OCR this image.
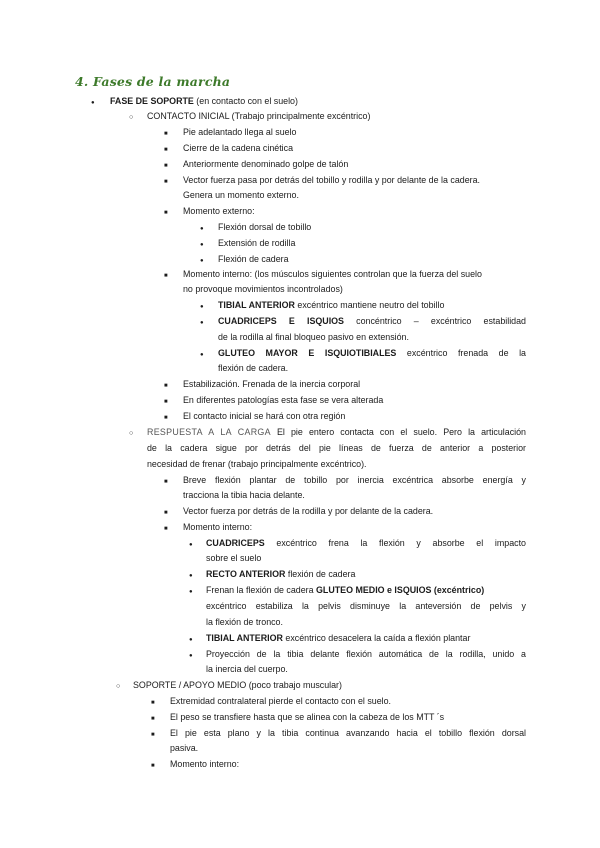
4. Fases de la marcha
●
FASE DE SOPORTE (en contacto con el suelo)
○
CONTACTO INICIAL (Trabajo principalmente excéntrico)
■
Pie adelantado llega al suelo
■
Cierre de la cadena cinética
■
Anteriormente denominado golpe de talón
■
Vector fuerza pasa por detrás del tobillo y rodilla y por delante de la cadera.
Genera un momento externo.
■
Momento externo:
●
Flexión dorsal de tobillo
●
Extensión de rodilla
●
Flexión de cadera
■
Momento interno: (los músculos siguientes controlan que la fuerza del suelo
no provoque movimientos incontrolados)
●
TIBIAL ANTERIOR excéntrico mantiene neutro del tobillo
●
CUADRICEPS E ISQUIOS concéntrico – excéntrico estabilidad
de la rodilla al final bloqueo pasivo en extensión.
●
GLUTEO MAYOR E ISQUIOTIBIALES excéntrico frenada de la
flexión de cadera.
■
Estabilización. Frenada de la inercia corporal
■
En diferentes patologías esta fase se vera alterada
■
El contacto inicial se hará con otra región
○
RESPUESTA A LA CARGA El pie entero contacta con el suelo. Pero la articulación
de la cadera sigue por detrás del pie líneas de fuerza de anterior a posterior
necesidad de frenar (trabajo principalmente excéntrico).
■
Breve flexión plantar de tobillo por inercia excéntrica absorbe energía y
tracciona la tibia hacia delante.
■
Vector fuerza por detrás de la rodilla y por delante de la cadera.
■
Momento interno:
●
CUADRICEPS excéntrico frena la flexión y absorbe el impacto
sobre el suelo
●
RECTO ANTERIOR flexión de cadera
●
Frenan la flexión de cadera GLUTEO MEDIO e ISQUIOS (excéntrico)
excéntrico estabiliza la pelvis disminuye la anteversión de pelvis y
la flexión de tronco.
●
TIBIAL ANTERIOR excéntrico desacelera la caída a flexión plantar
●
Proyección de la tibia delante flexión automática de la rodilla, unido a
la inercia del cuerpo.
○
SOPORTE / APOYO MEDIO (poco trabajo muscular)
■
Extremidad contralateral pierde el contacto con el suelo.
■
El peso se transfiere hasta que se alinea con la cabeza de los MTT ´s
■
El pie esta plano y la tibia continua avanzando hacia el tobillo flexión dorsal
pasiva.
■
Momento interno:
